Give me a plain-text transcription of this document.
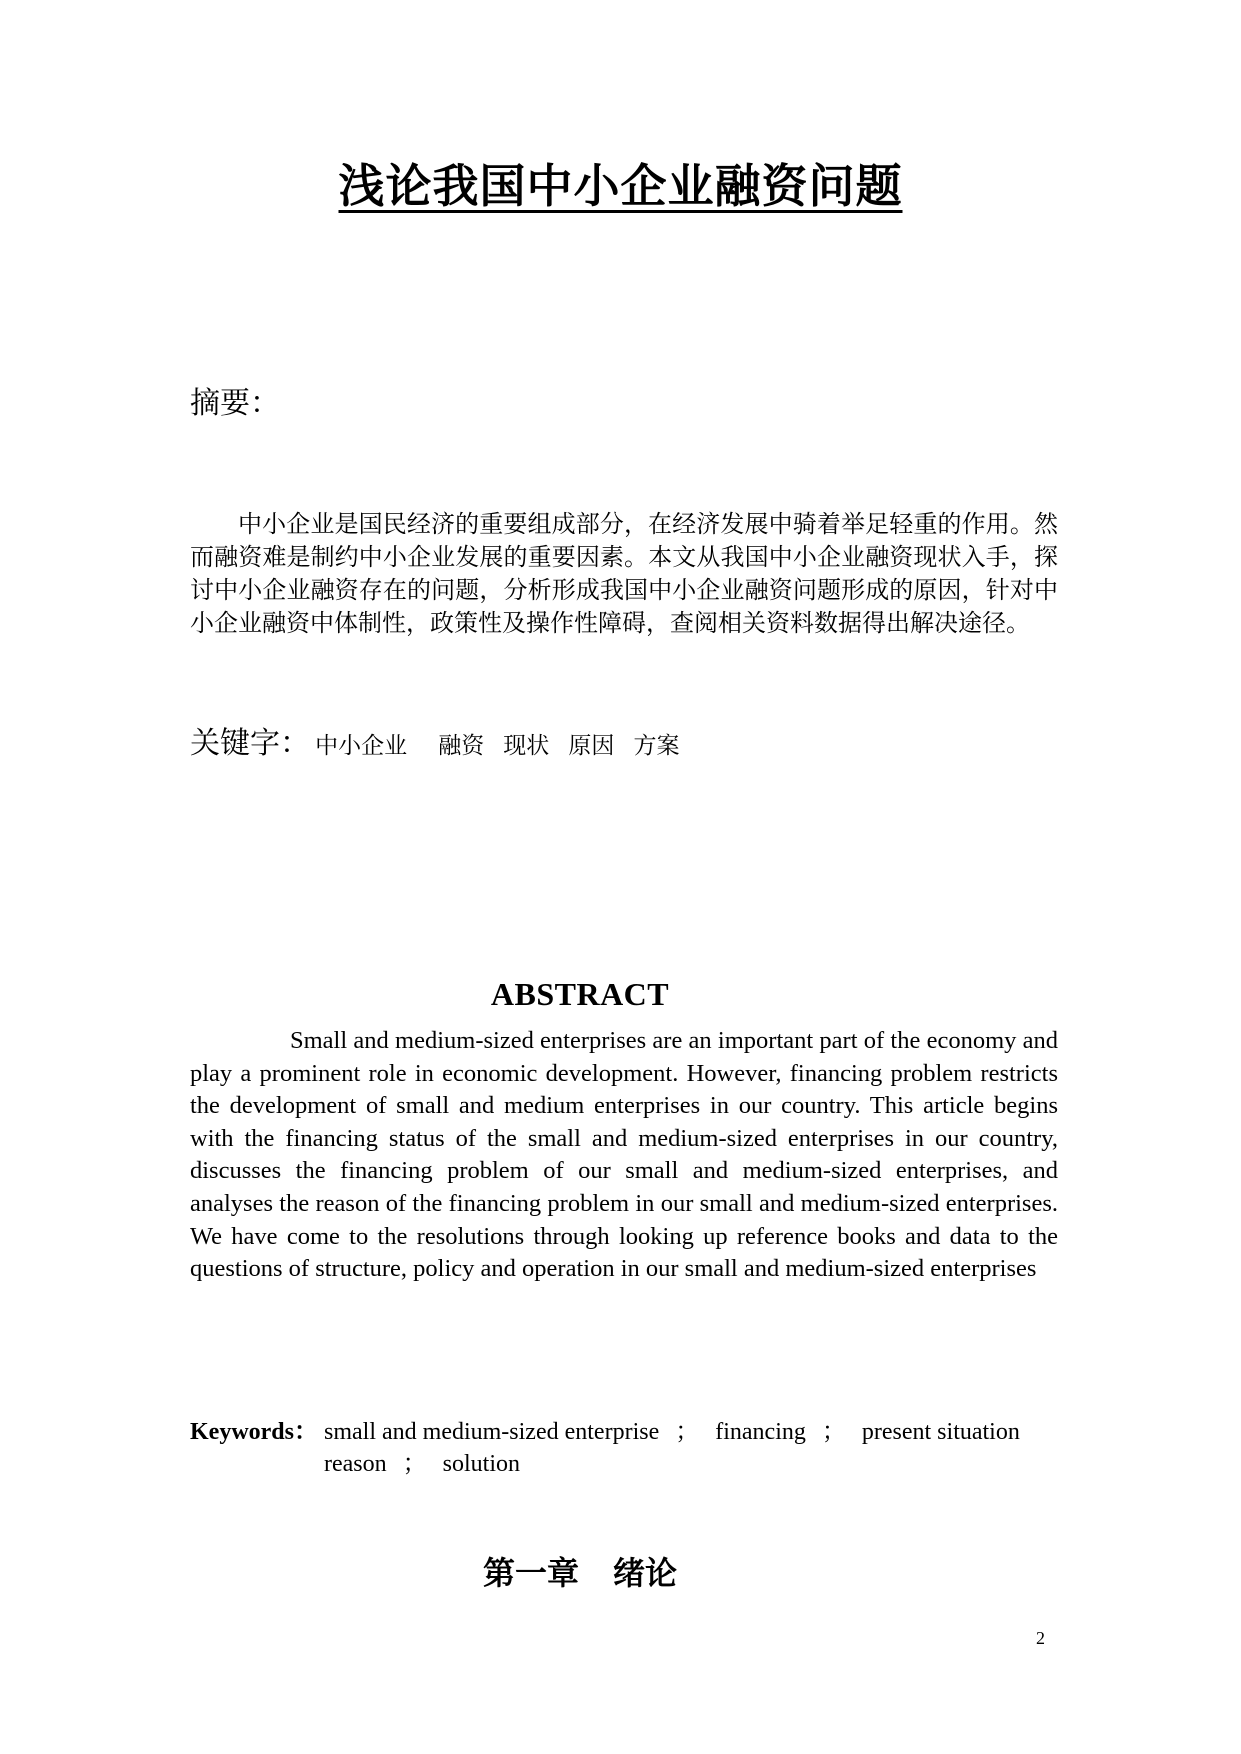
浅论我国中小企业融资问题
摘要：

中小企业是国民经济的重要组成部分，在经济发展中骑着举足轻重的作用。然而融资难是制约中小企业发展的重要因素。本文从我国中小企业融资现状入手，探讨中小企业融资存在的问题，分析形成我国中小企业融资问题形成的原因，针对中小企业融资中体制性，政策性及操作性障碍，查阅相关资料数据得出解决途径。

关键字： 中小企业 融资 现状 原因 方案
ABSTRACT

Small and medium-sized enterprises are an important part of the economy and play a prominent role in economic development. However, financing problem restricts the development of small and medium enterprises in our country. This article begins with the financing status of the small and medium-sized enterprises in our country, discusses the financing problem of our small and medium-sized enterprises, and analyses the reason of the financing problem in our small and medium-sized enterprises. We have come to the resolutions through looking up reference books and data to the questions of structure, policy and operation in our small and medium-sized enterprises

Keywords： small and medium-sized enterprise ； financing ； present situation
reason ； solution
第一章 绪论
2
